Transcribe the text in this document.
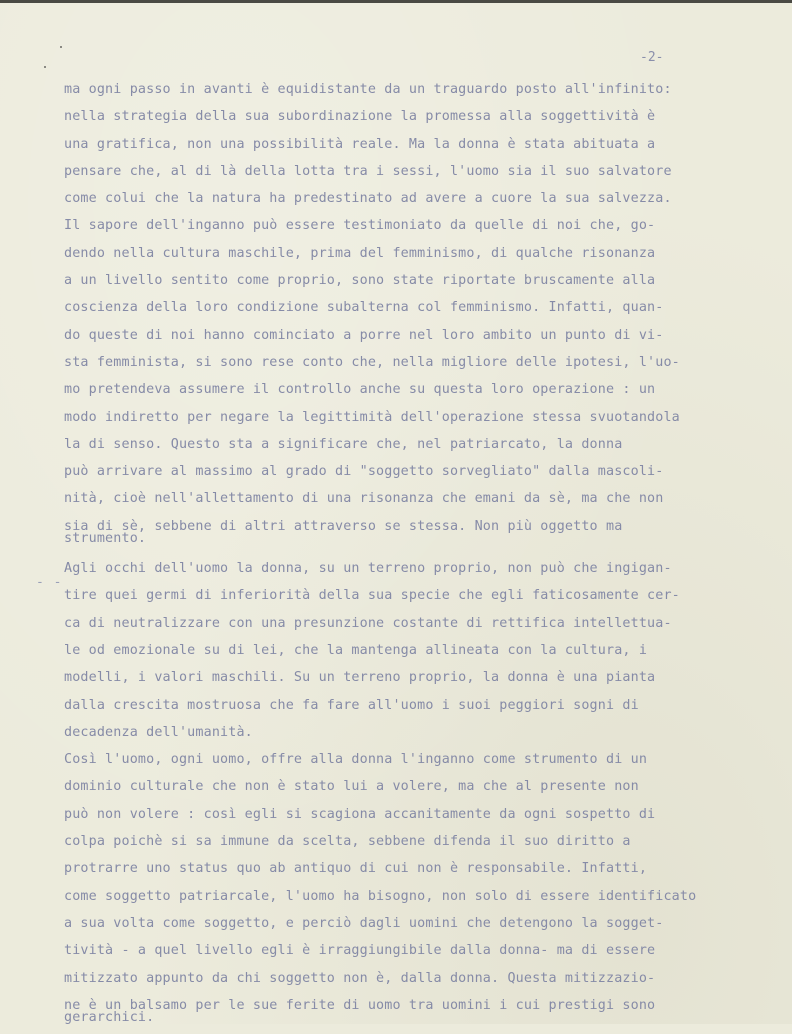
-2-
- -
ma ogni passo in avanti è equidistante da un traguardo posto all'infinito:
nella strategia della sua subordinazione la promessa alla soggettività è
una gratifica, non una possibilità reale. Ma la donna è stata abituata a
pensare che, al di là della lotta tra i sessi, l'uomo sia il suo salvatore
come colui che la natura ha predestinato ad avere a cuore la sua salvezza.
Il sapore dell'inganno può essere testimoniato da quelle di noi che, go-
dendo nella cultura maschile, prima del femminismo, di qualche risonanza
a un livello sentito come proprio, sono state riportate bruscamente alla
coscienza della loro condizione subalterna col femminismo. Infatti, quan-
do queste di noi hanno cominciato a porre nel loro ambito un punto di vi-
sta femminista, si sono rese conto che, nella migliore delle ipotesi, l'uo-
mo pretendeva assumere il controllo anche su questa loro operazione : un
modo indiretto per negare la legittimità dell'operazione stessa svuotandola
la di senso. Questo sta a significare che, nel patriarcato, la donna
può arrivare al massimo al grado di "soggetto sorvegliato" dalla mascoli-
nità, cioè nell'allettamento di una risonanza che emani da sè, ma che non
sia di sè, sebbene di altri attraverso se stessa. Non più oggetto ma
strumento.
Agli occhi dell'uomo la donna, su un terreno proprio, non può che ingigan-
tire quei germi di inferiorità della sua specie che egli faticosamente cer-
ca di neutralizzare con una presunzione costante di rettifica intellettua-
le od emozionale su di lei, che la mantenga allineata con la cultura, i
modelli, i valori maschili. Su un terreno proprio, la donna è una pianta
dalla crescita mostruosa che fa fare all'uomo i suoi peggiori sogni di
decadenza dell'umanità.
Così l'uomo, ogni uomo, offre alla donna l'inganno come strumento di un
dominio culturale che non è stato lui a volere, ma che al presente non
può non volere : così egli si scagiona accanitamente da ogni sospetto di
colpa poichè si sa immune da scelta, sebbene difenda il suo diritto a
protrarre uno status quo ab antiquo di cui non è responsabile. Infatti,
come soggetto patriarcale, l'uomo ha bisogno, non solo di essere identificato
a sua volta come soggetto, e perciò dagli uomini che detengono la sogget-
tività - a quel livello egli è irraggiungibile dalla donna- ma di essere
mitizzato appunto da chi soggetto non è, dalla donna. Questa mitizzazio-
ne è un balsamo per le sue ferite di uomo tra uomini i cui prestigi sono
gerarchici.
